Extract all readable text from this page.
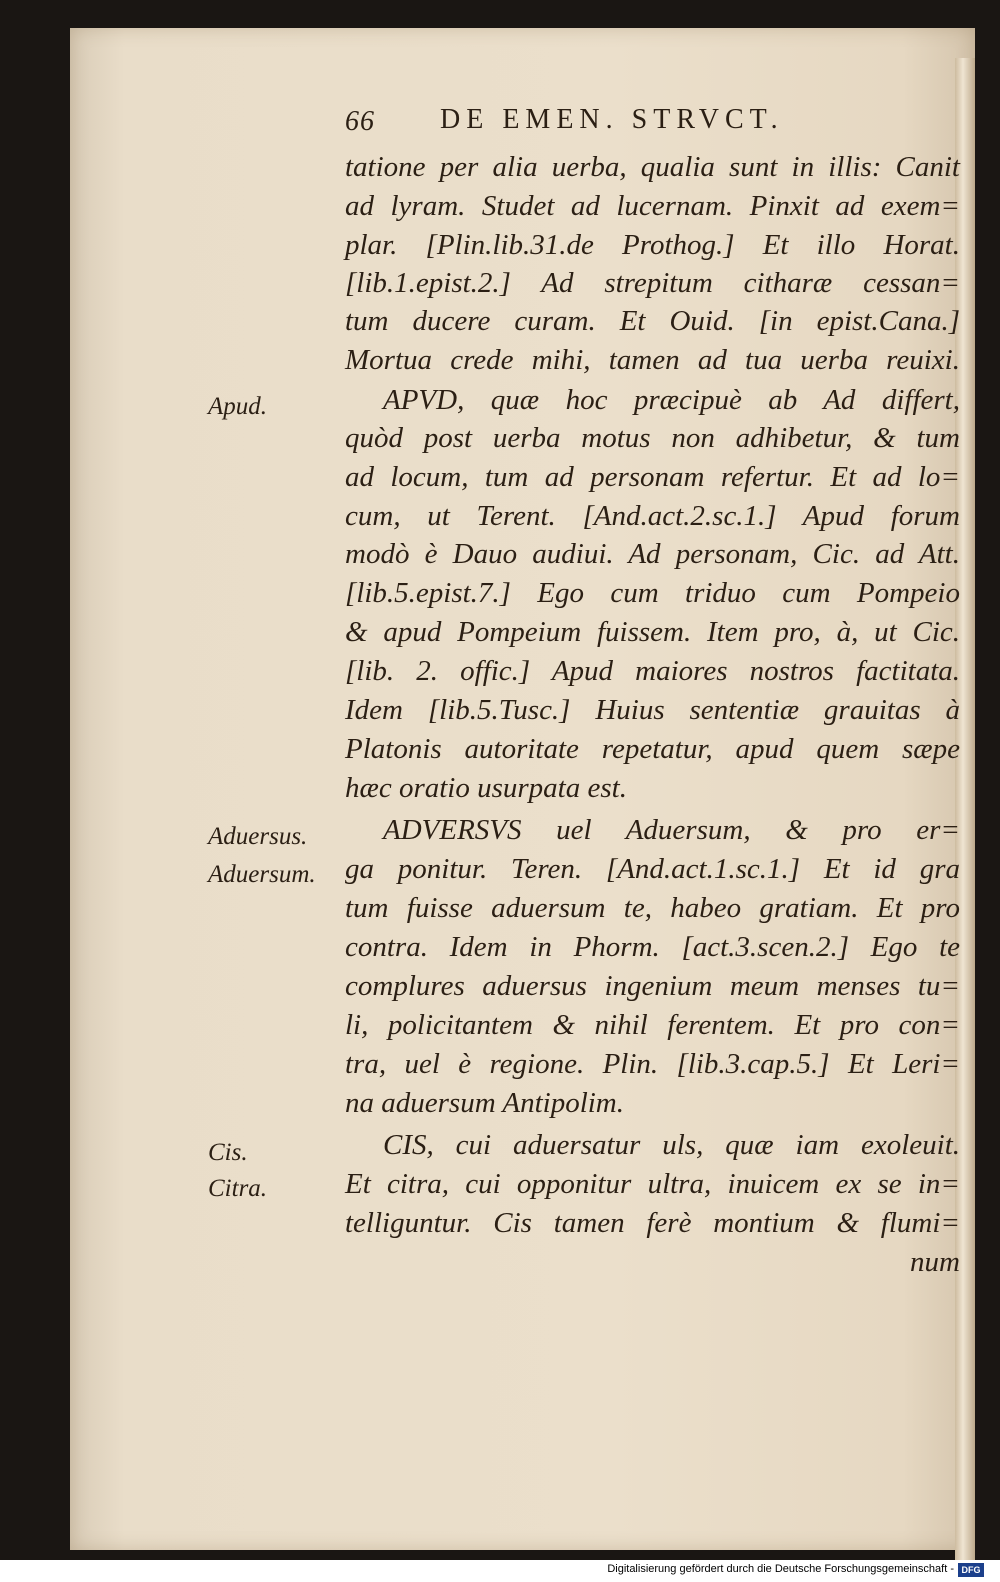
66 DE EMEN. STRVCT.
Apud.
Aduersus.
Aduersum.
Cis.
Citra.
tatione per alia uerba, qualia sunt in illis: Canit
ad lyram. Studet ad lucernam. Pinxit ad exem=
plar. [Plin.lib.31.de Prothog.] Et illo Horat.
[lib.1.epist.2.] Ad strepitum citharæ cessan=
tum ducere curam. Et Ouid. [in epist.Cana.]
Mortua crede mihi, tamen ad tua uerba reuixi.
APVD, quæ hoc præcipuè ab Ad differt,
quòd post uerba motus non adhibetur, & tum
ad locum, tum ad personam refertur. Et ad lo=
cum, ut Terent. [And.act.2.sc.1.] Apud forum
modò è Dauo audiui. Ad personam, Cic. ad Att.
[lib.5.epist.7.] Ego cum triduo cum Pompeio
& apud Pompeium fuissem. Item pro, à, ut Cic.
[lib. 2. offic.] Apud maiores nostros factitata.
Idem [lib.5.Tusc.] Huius sententiæ grauitas à
Platonis autoritate repetatur, apud quem sæpe
hæc oratio usurpata est.
ADVERSVS uel Aduersum, & pro er=
ga ponitur. Teren. [And.act.1.sc.1.] Et id gra
tum fuisse aduersum te, habeo gratiam. Et pro
contra. Idem in Phorm. [act.3.scen.2.] Ego te
complures aduersus ingenium meum menses tu=
li, policitantem & nihil ferentem. Et pro con=
tra, uel è regione. Plin. [lib.3.cap.5.] Et Leri=
na aduersum Antipolim.
CIS, cui aduersatur uls, quæ iam exoleuit.
Et citra, cui opponitur ultra, inuicem ex se in=
telliguntur. Cis tamen ferè montium & flumi=
num
Digitalisierung gefördert durch die Deutsche Forschungsgemeinschaft - DFG
